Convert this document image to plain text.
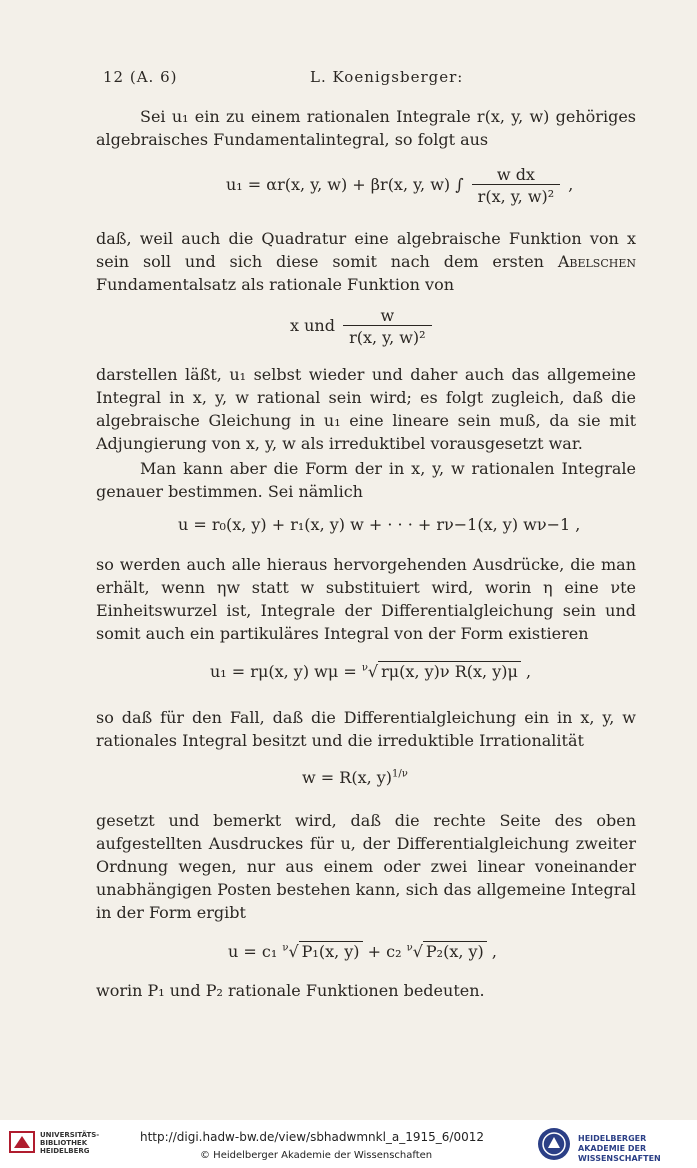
12 (A. 6)	L. Koenigsberger:
Sei u₁ ein zu einem rationalen Integrale r(x, y, w) gehöriges algebraisches Fundamentalintegral, so folgt aus
u₁ = αr(x, y, w) + βr(x, y, w) ∫ $\frac{\text{w dx}}{\text{r(x, y, w)²}}$ ,
daß, weil auch die Quadratur eine algebraische Funktion von x sein soll und sich diese somit nach dem ersten Abelschen Fundamentalsatz als rationale Funktion von
x und $\frac{w}{\text{r(x, y, w)²}}$
darstellen läßt, u₁ selbst wieder und daher auch das allgemeine Integral in x, y, w rational sein wird; es folgt zugleich, daß die algebraische Gleichung in u₁ eine lineare sein muß, da sie mit Adjungierung von x, y, w als irreduktibel vorausgesetzt war.
Man kann aber die Form der in x, y, w rationalen Integrale genauer bestimmen. Sei nämlich
u = r₀(x, y) + r₁(x, y) w + · · · + rν−1(x, y) wν−1 ,
so werden auch alle hieraus hervorgehenden Ausdrücke, die man erhält, wenn ηw statt w substituiert wird, worin η eine νte Einheitswurzel ist, Integrale der Differentialgleichung sein und somit auch ein partikuläres Integral von der Form existieren
u₁ = rμ(x, y) wμ = $^\nu$√ rμ(x, y)ν R(x, y)μ ,
so daß für den Fall, daß die Differentialgleichung ein in x, y, w rationales Integral besitzt und die irreduktible Irrationalität
w = R(x, y)$^{1/\nu}$
gesetzt und bemerkt wird, daß die rechte Seite des oben aufgestellten Ausdruckes für u, der Differentialgleichung zweiter Ordnung wegen, nur aus einem oder zwei linear voneinander unabhängigen Posten bestehen kann, sich das allgemeine Integral in der Form ergibt
u = c₁ $^\nu$√ P₁(x, y) + c₂ $^\nu$√ P₂(x, y) ,
worin P₁ und P₂ rationale Funktionen bedeuten.
UNIVERSITÄTS- BIBLIOTHEK HEIDELBERG
http://digi.hadw-bw.de/view/sbhadwmnkl_a_1915_6/0012
© Heidelberger Akademie der Wissenschaften
HEIDELBERGER AKADEMIE DER WISSENSCHAFTEN
